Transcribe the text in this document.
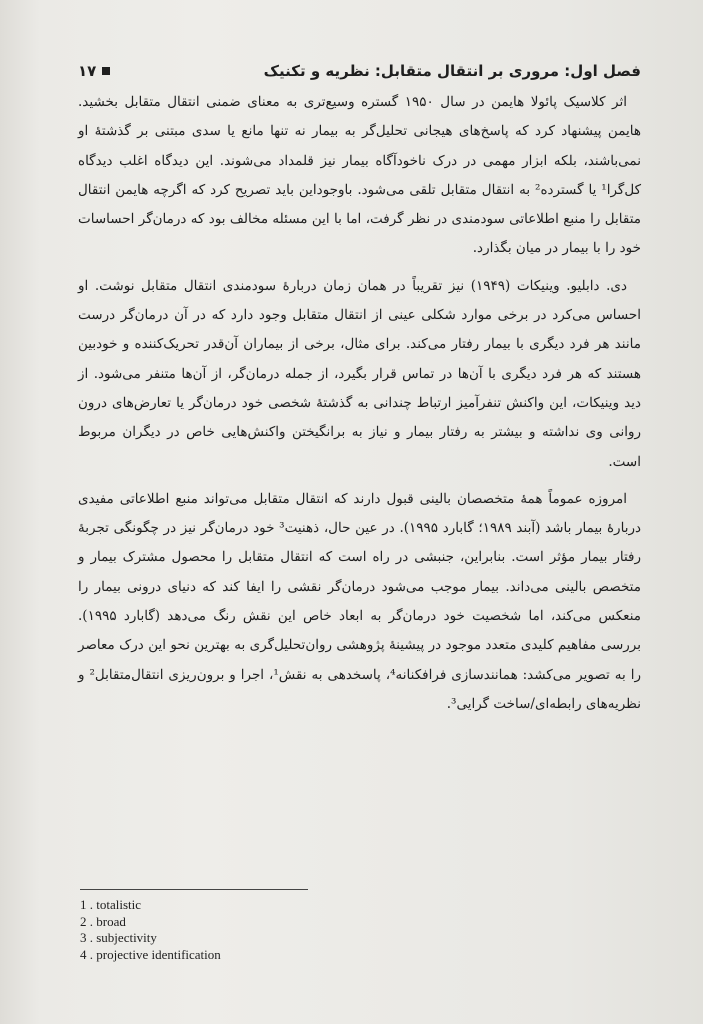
فصل اول: مروری بر انتقال متقابل: نظریه و تکنیک
۱۷

اثر کلاسیک پائولا هایمن در سال ۱۹۵۰ گستره وسیع‌تری به معنای ضمنی انتقال متقابل بخشید. هایمن پیشنهاد کرد که پاسخ‌های هیجانی تحلیل‌گر به بیمار نه تنها مانع یا سدی مبتنی بر گذشتهٔ او نمی‌باشند، بلکه ابزار مهمی در درک ناخودآگاه بیمار نیز قلمداد می‌شوند. این دیدگاه اغلب دیدگاه کل‌گرا¹ یا گسترده² به انتقال متقابل تلقی می‌شود. باوجوداین باید تصریح کرد که اگرچه هایمن انتقال متقابل را منبع اطلاعاتی سودمندی در نظر گرفت، اما با این مسئله مخالف بود که درمان‌گر احساسات خود را با بیمار در میان بگذارد.

دی. دابلیو. وینیکات (۱۹۴۹) نیز تقریباً در همان زمان دربارهٔ سودمندی انتقال متقابل نوشت. او احساس می‌کرد در برخی موارد شکلی عینی از انتقال متقابل وجود دارد که در آن درمان‌گر درست مانند هر فرد دیگری با بیمار رفتار می‌کند. برای مثال، برخی از بیماران آن‌قدر تحریک‌کننده و خودبین هستند که هر فرد دیگری با آن‌ها در تماس قرار بگیرد، از جمله درمان‌گر، از آن‌ها متنفر می‌شود. از دید وینیکات، این واکنش تنفرآمیز ارتباط چندانی به گذشتهٔ شخصی خود درمان‌گر یا تعارض‌های درون روانی وی نداشته و بیشتر به رفتار بیمار و نیاز به برانگیختن واکنش‌هایی خاص در دیگران مربوط است.

امروزه عموماً همهٔ متخصصان بالینی قبول دارند که انتقال متقابل می‌تواند منبع اطلاعاتی مفیدی دربارهٔ بیمار باشد (آبند ۱۹۸۹؛ گابارد ۱۹۹۵). در عین حال، ذهنیت³ خود درمان‌گر نیز در چگونگی تجربهٔ رفتار بیمار مؤثر است. بنابراین، جنبشی در راه است که انتقال متقابل را محصول مشترک بیمار و متخصص بالینی می‌داند. بیمار موجب می‌شود درمان‌گر نقشی را ایفا کند که دنیای درونی بیمار را منعکس می‌کند، اما شخصیت خود درمان‌گر به ابعاد خاص این نقش رنگ می‌دهد (گابارد ۱۹۹۵). بررسی مفاهیم کلیدی متعدد موجود در پیشینهٔ پژوهشی روان‌تحلیل‌گری به بهترین نحو این درک معاصر را به تصویر می‌کشد: همانندسازی فرافکنانه⁴، پاسخدهی به نقش¹، اجرا و برون‌ریزی انتقال‌متقابل² و نظریه‌های رابطه‌ای/ساخت گرایی³.

1 . totalistic
2 . broad
3 . subjectivity
4 . projective identification
